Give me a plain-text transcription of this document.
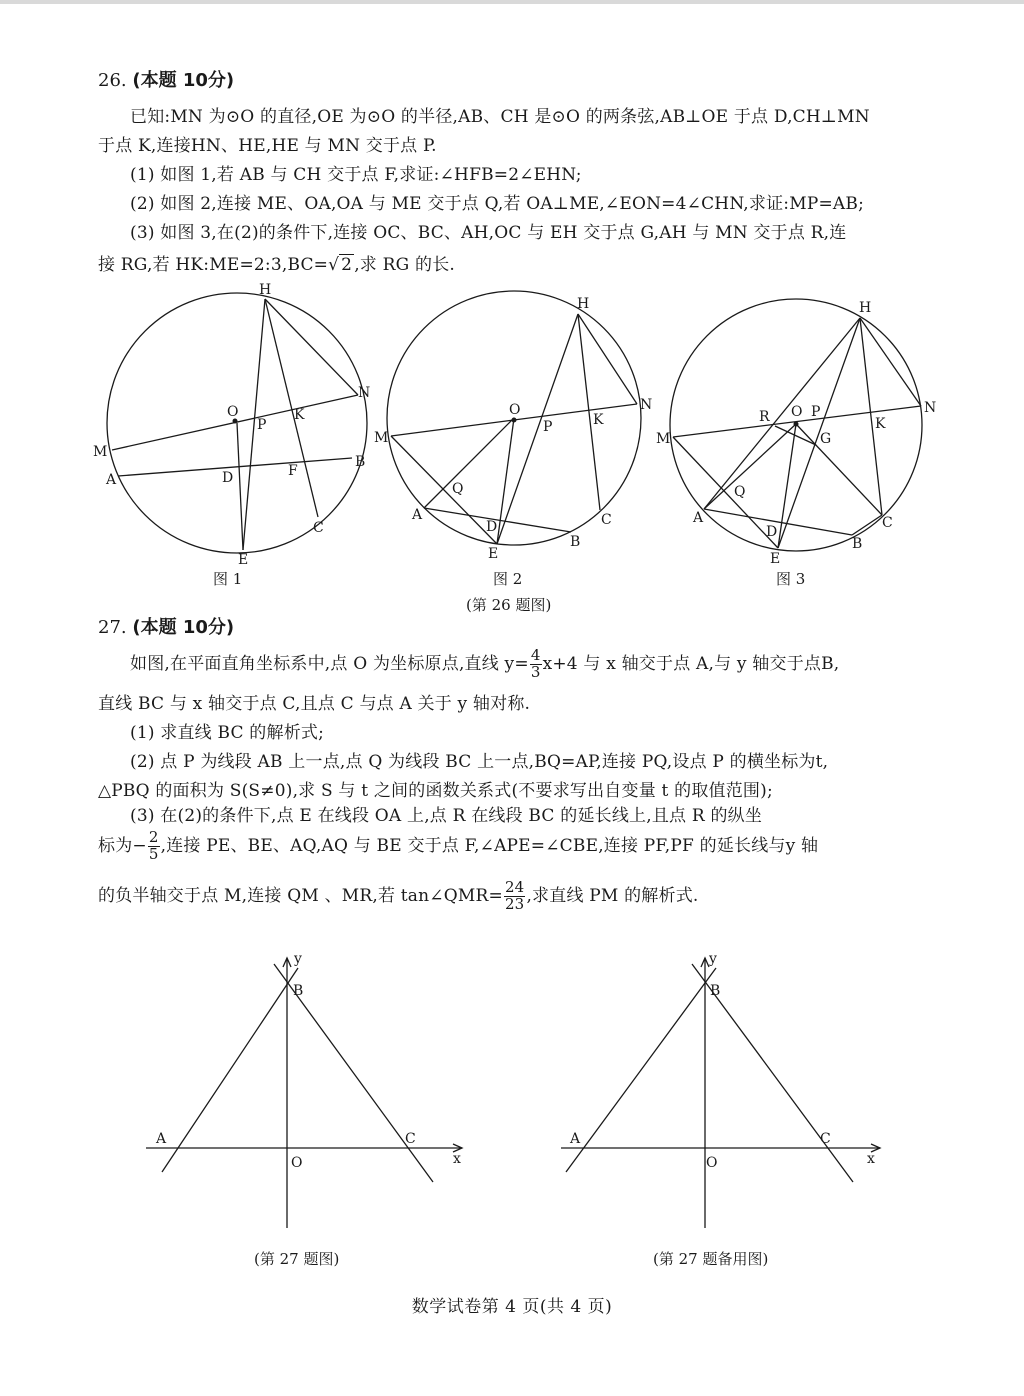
26. (本题 10分)
已知:MN 为⊙O 的直径,OE 为⊙O 的半径,AB、CH 是⊙O 的两条弦,AB⊥OE 于点 D,CH⊥MN
于点 K,连接HN、HE,HE 与 MN 交于点 P.
(1) 如图 1,若 AB 与 CH 交于点 F,求证:∠HFB=2∠EHN;
(2) 如图 2,连接 ME、OA,OA 与 ME 交于点 Q,若 OA⊥ME,∠EON=4∠CHN,求证:MP=AB;
(3) 如图 3,在(2)的条件下,连接 OC、BC、AH,OC 与 EH 交于点 G,AH 与 MN 交于点 R,连
接 RG,若 HK:ME=2:3,BC=√ 2 ,求 RG 的长.
H
N
O
P
K
M
A
B
D	F
C
E
图 1
H
N
O
P	K
M
Q
A
D	C
B
E
图 2
H
N
R O P
G
K
M
Q
A
D
C
B
E
图 3
(第 26 题图)
27. (本题 10分)
如图,在平面直角坐标系中,点 O 为坐标原点,直线 $y= \frac{4}{3} x+4$ 与 x 轴交于点 A,与 y 轴交于点B,
直线 BC 与 x 轴交于点 C,且点 C 与点 A 关于 y 轴对称.
(1) 求直线 BC 的解析式;
(2) 点 P 为线段 AB 上一点,点 Q 为线段 BC 上一点,BQ=AP,连接 PQ,设点 P 的横坐标为t,
△PBQ 的面积为 S(S≠0),求 S 与 t 之间的函数关系式(不要求写出自变量 t 的取值范围);
(3) 在(2)的条件下,点 E 在线段 OA 上,点 R 在线段 BC 的延长线上,且点 R 的纵坐
标为− $\frac{2}{5}$ ,连接 PE、BE、AQ,AQ 与 BE 交于点 F,∠APE=∠CBE,连接 PF,PF 的延长线与y 轴
的负半轴交于点 M,连接 QM 、MR,若 tan∠QMR= $\frac{24}{23}$ ,求直线 PM 的解析式.
y
B
A	C
O	x
(第 27 题图)
y
B
A	C
O	x
(第 27 题备用图)
数学试卷第 4 页(共 4 页)
